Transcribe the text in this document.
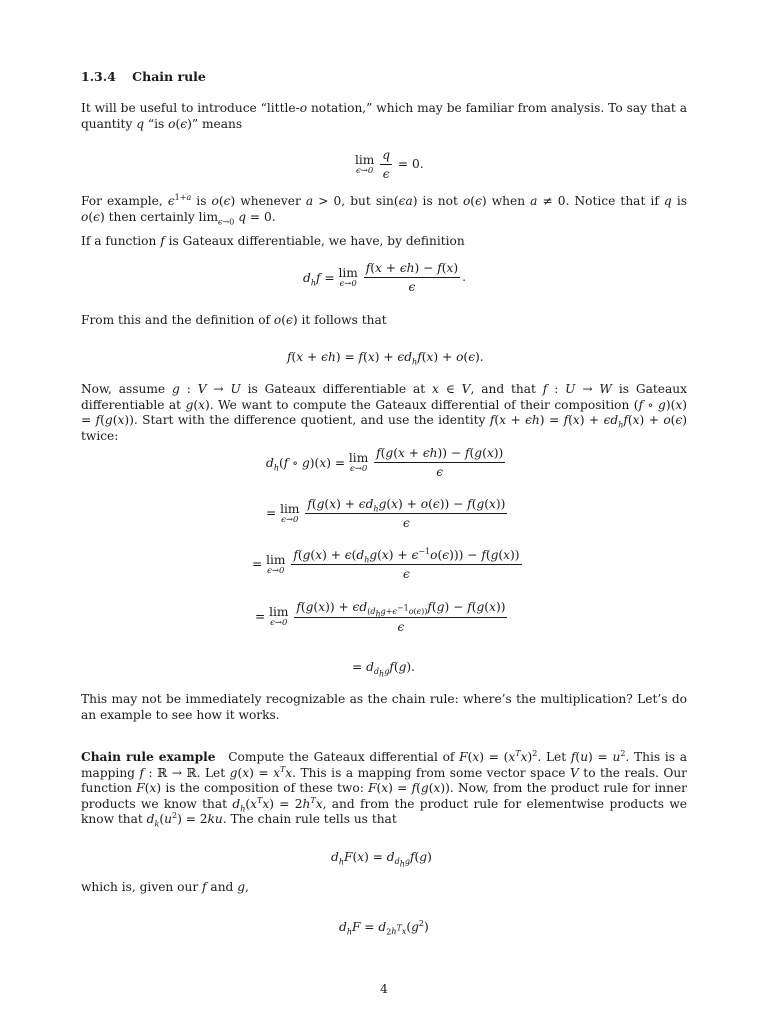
1.3.4 Chain rule
It will be useful to introduce “little-o notation,” which may be familiar from analysis. To say that a quantity q “is o(ϵ)” means
lim
ϵ→0
$\frac{q}{\epsilon} = 0$.
For example, $\epsilon^{1+a}$ is o(ϵ) whenever a > 0, but sin(ϵa) is not o(ϵ) when a ≠ 0. Notice that if q is o(ϵ) then certainly $\lim_{\epsilon\to 0} q = 0$.
If a function f is Gateaux differentiable, we have, by definition
$d_hf = \lim$
ϵ→0
$\frac{f(x + \epsilon h) - f(x)}{\epsilon}$ .
From this and the definition of o(ϵ) it follows that
$f(x + \epsilon h) = f(x) + \epsilon d_hf(x) + o(\epsilon)$.
Now, assume g : V → U is Gateaux differentiable at x ∈ V, and that f : U → W is Gateaux differentiable at g(x). We want to compute the Gateaux differential of their composition (f ∘ g)(x) = f(g(x)). Start with the difference quotient, and use the identity $f(x + \epsilon h) = f(x) + \epsilon d_hf(x) + o(\epsilon)$ twice:
$d_h(f$ ∘ g)(x) = lim
ϵ→0
$\frac{f(g(x + \epsilon h)) - f(g(x))}{\epsilon}$
= lim
ϵ→0
$\frac{f(g(x) + \epsilon d_hg(x) + o(\epsilon)) - f(g(x))}{\epsilon}$
= lim
ϵ→0
$\frac{f(g(x) + \epsilon(d_hg(x) + \epsilon^{-1}o(\epsilon))) - f(g(x))}{\epsilon}$
= lim
ϵ→0
$\frac{f(g(x)) + \epsilon d_{(d_hg+\epsilon^{-1}o(\epsilon))}f(g) - f(g(x))}{\epsilon}$
= $d_{d_hg}f(g)$.
This may not be immediately recognizable as the chain rule: where’s the multiplication? Let’s do an example to see how it works.
Chain rule example Compute the Gateaux differential of $F(x) = (x^Tx)^2$. Let $f(u) = u^2$. This is a mapping f : ℝ → ℝ. Let $g(x) = x^Tx$. This is a mapping from some vector space V to the reals. Our function F(x) is the composition of these two: F(x) = f(g(x)). Now, from the product rule for inner products we know that $d_h(x^Tx) = 2h^Tx$, and from the product rule for elementwise products we know that $d_k(u^2) = 2ku$. The chain rule tells us that
$d_hF(x) = d_{d_hg}f(g)$
which is, given our f and g,
$d_hF = d_{2h^Tx}(g^2)$
4
